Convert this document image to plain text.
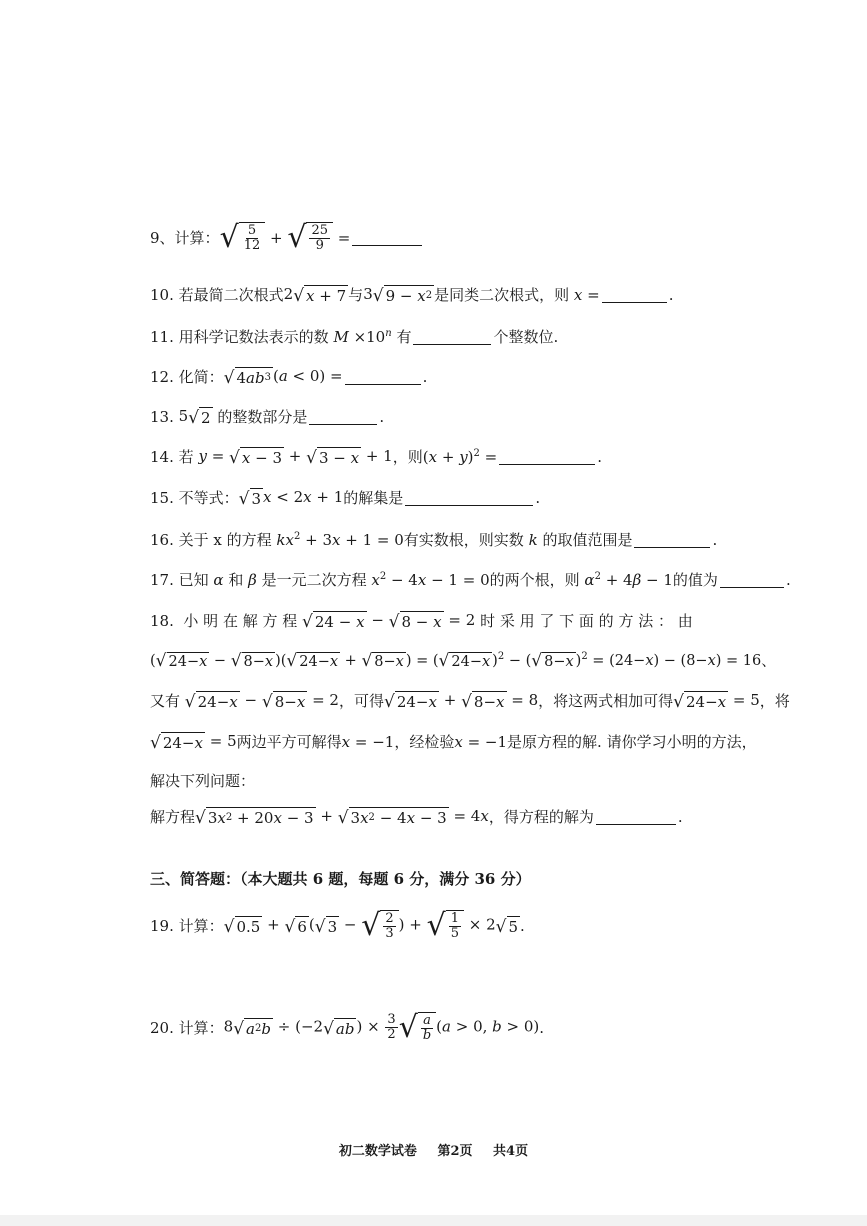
9、 计算： √ $\frac{5}{12}$ + √ $\frac{25}{9}$ =
10.
若最简二次根式 2 √ x + 7 与 3 √ 9 − x 2 是同类二次根式，则 x =	.
11.
用科学记数法表示的数 $M \times 10^n$ 有	个整数位.
12.
化简： √ 4 ab 3 (a < 0) =	.
13.
5 √ 2
的整数部分是	.
14.
若 y = √ x − 3 + √ 3 − x + 1 ，则 $(x + y)^2$ =	.
15.
不等式： √ 3 x < 2x + 1 的解集是	.
16.
关于 x 的方程 $kx^2 + 3x + 1 = 0$ 有实数根，则实数 k 的取值范围是	.
17.
已知 α 和 β 是一元二次方程 $x^2 - 4x - 1 = 0$ 的两个根，则 $\alpha^2 + 4\beta - 1$ 的值为	.
18.
小 明 在 解 方 程
√ 24 − x − √ 8 − x = 2
时 采 用 了 下 面 的 方 法 ： 由
( √ 24− x − √ 8− x )( √ 24− x + √ 8− x ) = ( √ 24− x )$^2$ − ( √ 8− x )$^2$ = (24−x) − (8−x) = 16 、
又有
√ 24− x − √ 8− x = 2 ，可得 √ 24− x + √ 8− x = 8 ，将这两式相加可得 √ 24− x = 5 ，将
√ 24− x = 5 两边平方可解得 x = −1 ，经检验 x = −1 是原方程的解. 请你学习小明的方法，
解决下列问题：
解方程 √ 3 x 2 + 20 x − 3 + √ 3 x 2 − 4 x − 3 = 4x ，得方程的解为	.
三、简答题：（本大题共 6 题，每题 6 分，满分 36 分）
19.
计算： √ 0.5 + √ 6 ( √ 3 − √ $\frac{2}{3}$ ) + √ $\frac{1}{5} \times 2$ √ 5 .
20.
计算： 8 √ a 2 b ÷ (−2 √ ab ) × $\frac{3}{2}$ √ $\frac{a}{b} (a > 0$, b > 0) .
初二数学试卷 第2页 共4页
